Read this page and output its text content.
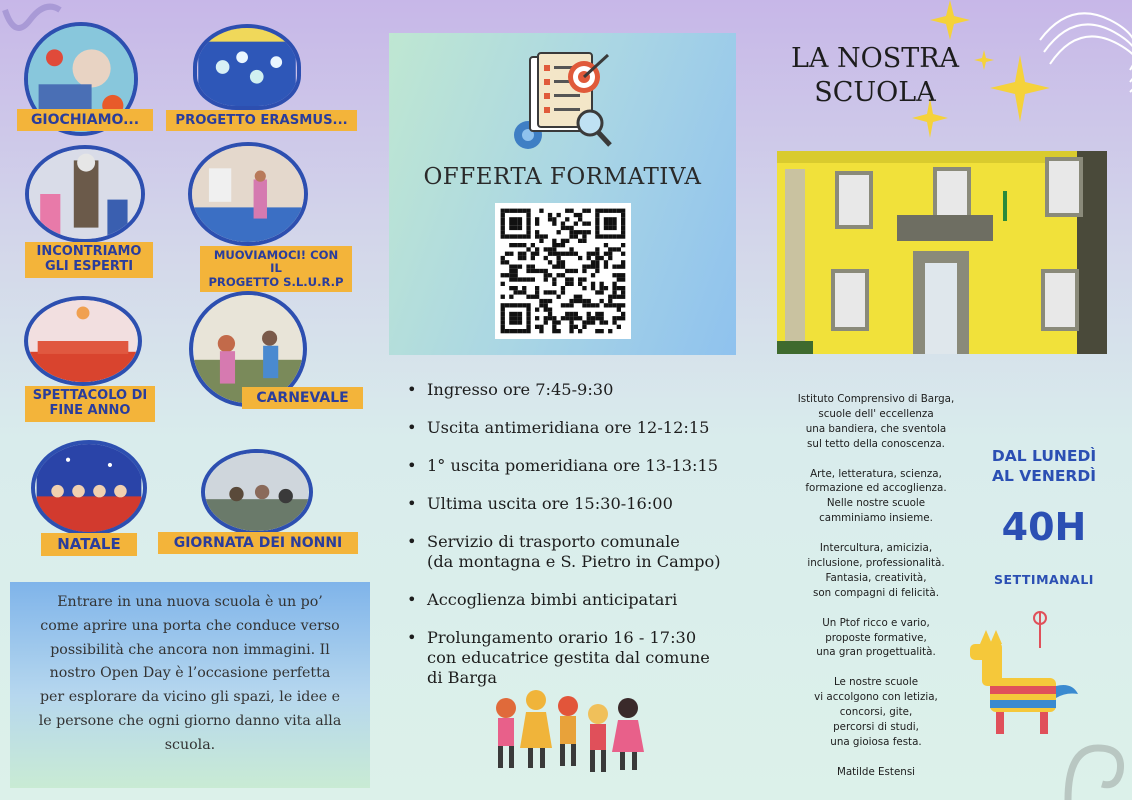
GIOCHIAMO...	PROGETTO ERASMUS...
INCONTRIAMO
GLI ESPERTI
MUOVIAMOCI! CON IL
PROGETTO S.L.U.R.P
SPETTACOLO DI
FINE ANNO
CARNEVALE
NATALE	GIORNATA DEI NONNI
Entrare in una nuova scuola è un po’ come aprire una porta che conduce verso possibilità che ancora non immagini. Il nostro Open Day è l’occasione perfetta per esplorare da vicino gli spazi, le idee e le persone che ogni giorno danno vita alla scuola.
OFFERTA FORMATIVA
• Ingresso ore 7:45-9:30
• Uscita antimeridiana ore 12-12:15
• 1° uscita pomeridiana ore 13-13:15
• Ultima uscita ore 15:30-16:00
• Servizio di trasporto comunale
(da montagna e S. Pietro in Campo)
• Accoglienza bimbi anticipatari
• Prolungamento orario 16 - 17:30
con educatrice gestita dal comune
di Barga
LA NOSTRA
SCUOLA
Istituto Comprensivo di Barga,
scuole dell' eccellenza
una bandiera, che sventola
sul tetto della conoscenza.

Arte, letteratura, scienza,
formazione ed accoglienza.
Nelle nostre scuole
camminiamo insieme.

Intercultura, amicizia,
inclusione, professionalità.
Fantasia, creatività,
son compagni di felicità.

Un Ptof ricco e vario,
proposte formative,
una gran progettualità.

Le nostre scuole
vi accolgono con letizia,
concorsi, gite,
percorsi di studi,
una gioiosa festa.

Matilde Estensi
DAL LUNEDÌ
AL VENERDÌ
40H
SETTIMANALI
